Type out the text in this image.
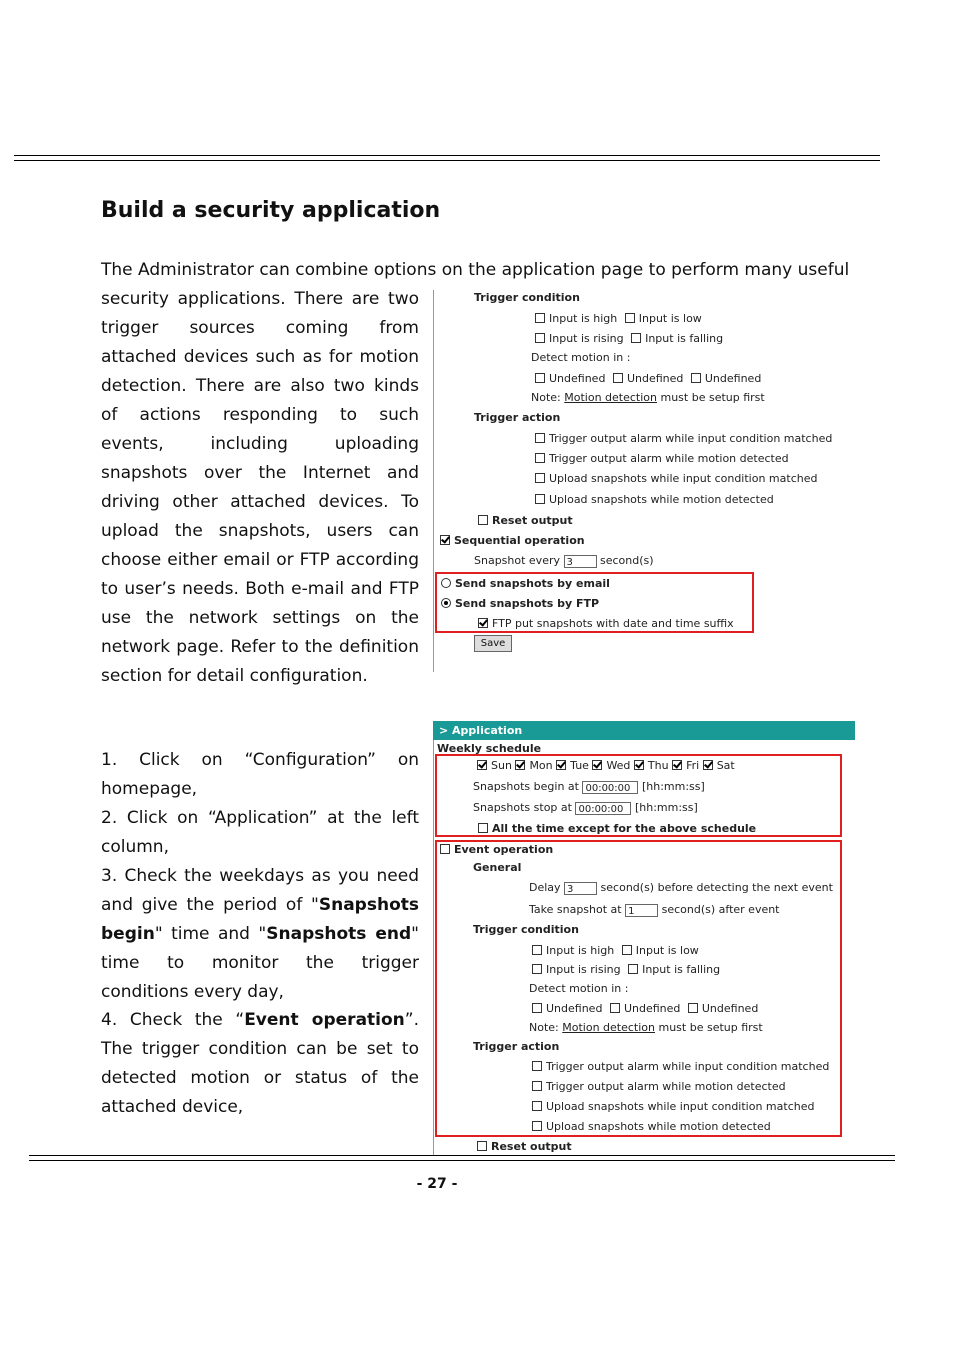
Build a security application

The Administrator can combine options on the application page to perform many useful

security applications. There are two trigger sources coming from attached devices such as for motion detection. There are also two kinds of actions responding to such events, including uploading snapshots over the Internet and driving other attached devices. To upload the snapshots, users can choose either email or FTP according to user’s needs. Both e-mail and FTP use the network settings on the network page. Refer to the definition section for detail configuration.

Trigger condition
Input is high Input is low
Input is rising Input is falling
Detect motion in :
Undefined Undefined Undefined
Note: Motion detection must be setup first
Trigger action
Trigger output alarm while input condition matched
Trigger output alarm while motion detected
Upload snapshots while input condition matched
Upload snapshots while motion detected
Reset output
Sequential operation
Snapshot every 3 second(s)
Send snapshots by email
Send snapshots by FTP
FTP put snapshots with date and time suffix
Save

1. Click on “Configuration” on homepage,

2. Click on “Application” at the left column,

3. Check the weekdays as you need and give the period of "Snapshots begin" time and "Snapshots end" time to monitor the trigger conditions every day,

4. Check the “Event operation”. The trigger condition can be set to detected motion or status of the attached device,

> Application
Weekly schedule
Sun Mon Tue Wed Thu Fri Sat
Snapshots begin at 00:00:00 [hh:mm:ss]
Snapshots stop at 00:00:00 [hh:mm:ss]
All the time except for the above schedule
Event operation
General
Delay 3 second(s) before detecting the next event
Take snapshot at 1 second(s) after event
Trigger condition
Input is high Input is low
Input is rising Input is falling
Detect motion in :
Undefined Undefined Undefined
Note: Motion detection must be setup first
Trigger action
Trigger output alarm while input condition matched
Trigger output alarm while motion detected
Upload snapshots while input condition matched
Upload snapshots while motion detected
Reset output
- 27 -
